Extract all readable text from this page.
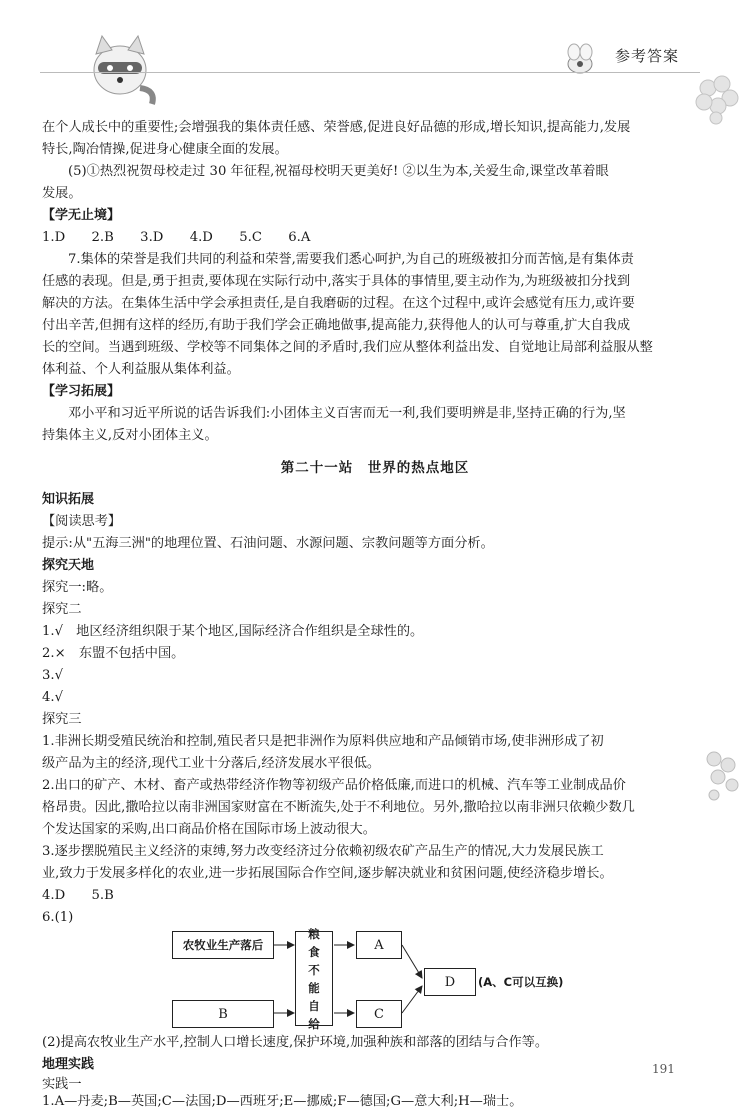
参考答案
在个人成长中的重要性;会增强我的集体责任感、荣誉感,促进良好品德的形成,增长知识,提高能力,发展
特长,陶冶情操,促进身心健康全面的发展。
(5)①热烈祝贺母校走过 30 年征程,祝福母校明天更美好! ②以生为本,关爱生命,课堂改革着眼
发展。
【学无止境】
1.D　　2.B　　3.D　　4.D　　5.C　　6.A
7.集体的荣誉是我们共同的利益和荣誉,需要我们悉心呵护,为自己的班级被扣分而苦恼,是有集体责
任感的表现。但是,勇于担责,要体现在实际行动中,落实于具体的事情里,要主动作为,为班级被扣分找到
解决的方法。在集体生活中学会承担责任,是自我磨砺的过程。在这个过程中,或许会感觉有压力,或许要
付出辛苦,但拥有这样的经历,有助于我们学会正确地做事,提高能力,获得他人的认可与尊重,扩大自我成
长的空间。当遇到班级、学校等不同集体之间的矛盾时,我们应从整体利益出发、自觉地让局部利益服从整
体利益、个人利益服从集体利益。
【学习拓展】
邓小平和习近平所说的话告诉我们:小团体主义百害而无一利,我们要明辨是非,坚持正确的行为,坚
持集体主义,反对小团体主义。
第二十一站　世界的热点地区
知识拓展
【阅读思考】
提示:从"五海三洲"的地理位置、石油问题、水源问题、宗教问题等方面分析。
探究天地
探究一:略。
探究二
1.√　地区经济组织限于某个地区,国际经济合作组织是全球性的。
2.×　东盟不包括中国。
3.√
4.√
探究三
1.非洲长期受殖民统治和控制,殖民者只是把非洲作为原料供应地和产品倾销市场,使非洲形成了初
级产品为主的经济,现代工业十分落后,经济发展水平很低。
2.出口的矿产、木材、畜产或热带经济作物等初级产品价格低廉,而进口的机械、汽车等工业制成品价
格昂贵。因此,撒哈拉以南非洲国家财富在不断流失,处于不利地位。另外,撒哈拉以南非洲只依赖少数几
个发达国家的采购,出口商品价格在国际市场上波动很大。
3.逐步摆脱殖民主义经济的束缚,努力改变经济过分依赖初级农矿产品生产的情况,大力发展民族工
业,致力于发展多样化的农业,进一步拓展国际合作空间,逐步解决就业和贫困问题,使经济稳步增长。
4.D　　5.B
6.(1)
农牧业生产落后
B
粮食不能自给
A
C
D	(A、C可以互换)
(2)提高农牧业生产水平,控制人口增长速度,保护环境,加强种族和部落的团结与合作等。
地理实践
实践一
1.A—丹麦;B—英国;C—法国;D—西班牙;E—挪威;F—德国;G—意大利;H—瑞士。
191
